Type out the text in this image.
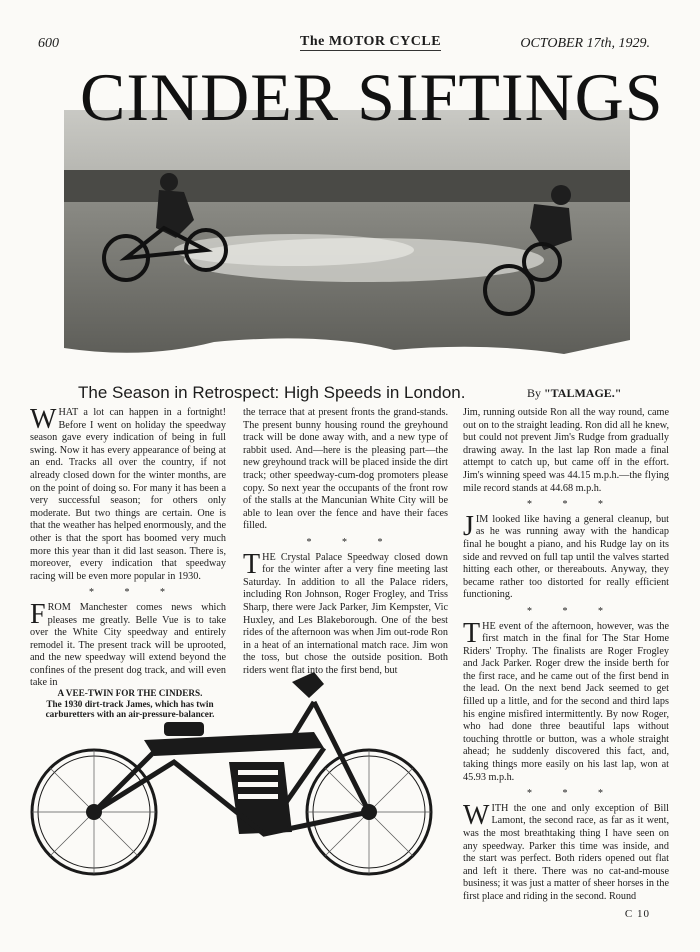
600	The MOTOR CYCLE	OCTOBER 17th, 1929.
CINDER SIFTINGS
The Season in Retrospect: High Speeds in London.	By "TALMAGE."

WHAT a lot can happen in a fortnight! Before I went on holiday the speedway season gave every indication of being in full swing. Now it has every appearance of being at an end. Tracks all over the country, if not already closed down for the winter months, are on the point of doing so. For many it has been a very successful season; for others only moderate. But two things are certain. One is that the weather has helped enormously, and the other is that the sport has boomed very much more this year than it did last season. There is, moreover, every indication that speedway racing will be even more popular in 1930.

* * *

FROM Manchester comes news which pleases me greatly. Belle Vue is to take over the White City speedway and entirely remodel it. The present track will be uprooted, and the new speedway will extend beyond the confines of the present dog track, and will even take in

the terrace that at present fronts the grand-stands. The present bunny housing round the greyhound track will be done away with, and a new type of rabbit used. And—here is the pleasing part—the new greyhound track will be placed inside the dirt track; other speedway-cum-dog promoters please copy. So next year the occupants of the front row of the stalls at the Mancunian White City will be able to lean over the fence and have their faces filled.

* * *

THE Crystal Palace Speedway closed down for the winter after a very fine meeting last Saturday. In addition to all the Palace riders, including Ron Johnson, Roger Frogley, and Triss Sharp, there were Jack Parker, Jim Kempster, Vic Huxley, and Les Blakeborough. One of the best rides of the afternoon was when Jim out-rode Ron in a heat of an international match race. Jim won the toss, but chose the outside position. Both riders went flat into the first bend, but

Jim, running outside Ron all the way round, came out on to the straight leading. Ron did all he knew, but could not prevent Jim's Rudge from gradually drawing away. In the last lap Ron made a final attempt to catch up, but came off in the effort. Jim's winning speed was 44.15 m.p.h.—the flying mile record stands at 44.68 m.p.h.

* * *

JIM looked like having a general cleanup, but as he was running away with the handicap final he bought a piano, and his Rudge lay on its side and revved on full tap until the valves started hitting each other, or thereabouts. Anyway, they became rather too distorted for really efficient functioning.

* * *

THE event of the afternoon, however, was the first match in the final for The Star Home Riders' Trophy. The finalists are Roger Frogley and Jack Parker. Roger drew the inside berth for the first race, and he came out of the first bend in the lead. On the next bend Jack seemed to get filled up a little, and for the second and third laps his engine misfired intermittently. By now Roger, who had done three beautiful laps without touching throttle or button, was a whole straight ahead; he suddenly discovered this fact, and, taking things more easily on his last lap, won at 45.93 m.p.h.

* * *

WITH the one and only exception of Bill Lamont, the second race, as far as it went, was the most breathtaking thing I have seen on any speedway. Parker this time was inside, and the start was perfect. Both riders opened out flat and left it there. There was no cat-and-mouse business; it was just a matter of sheer horses in the first place and riding in the second. Round

A VEE-TWIN FOR THE CINDERS.
The 1930 dirt-track James, which has twin carburetters with an air-pressure-balancer.
C 10
